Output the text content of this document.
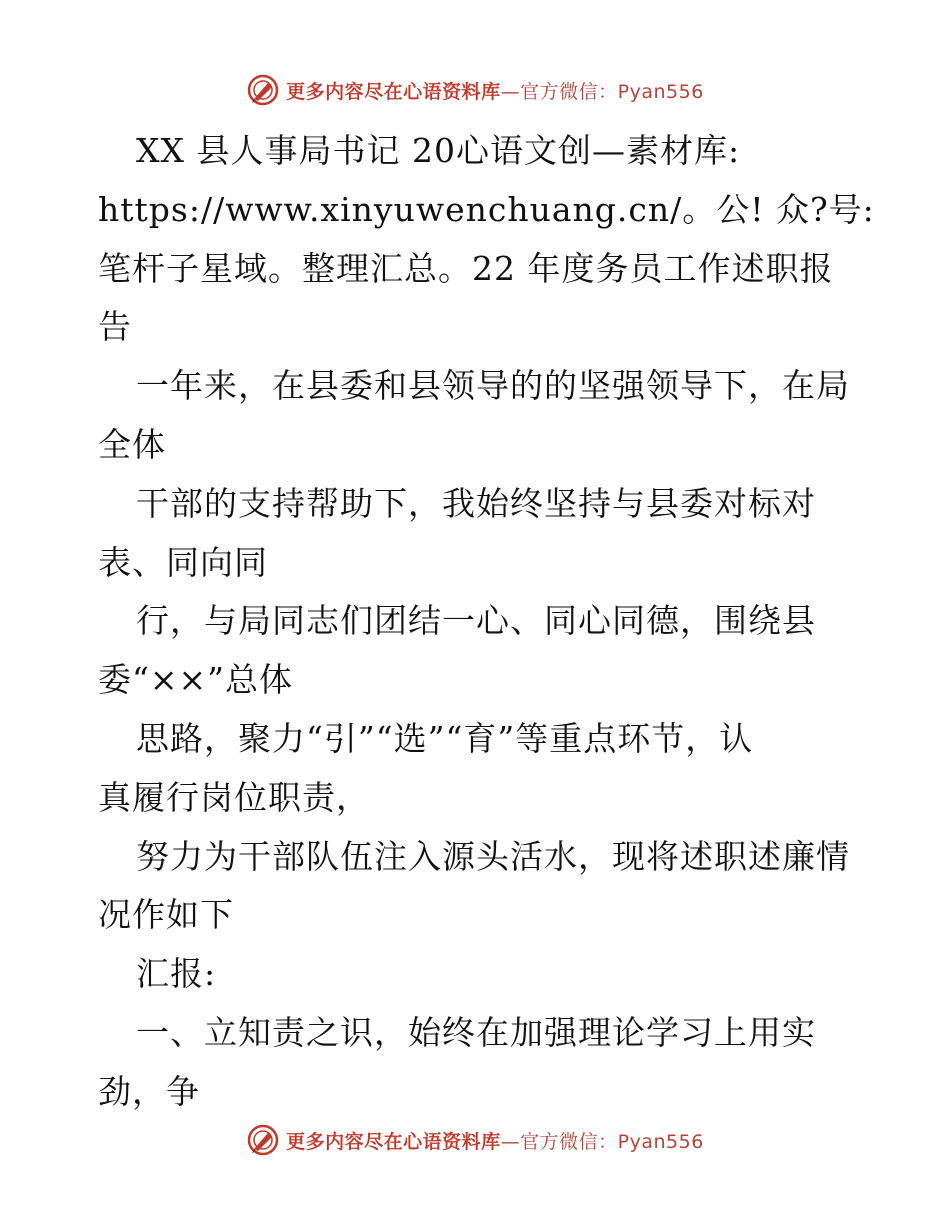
更多内容尽在心语资料库—官方微信：Pyan556
XX 县人事局书记 20心语文创—素材库:
https://www.xinyuwenchuang.cn/。公! 众?号:
笔杆子星域。整理汇总。22 年度务员工作述职报
告
一年来，在县委和县领导的的坚强领导下，在局
全体
干部的支持帮助下，我始终坚持与县委对标对
表、同向同
行，与局同志们团结一心、同心同德，围绕县
委“××”总体
思路，聚力“引”“选”“育”等重点环节，认
真履行岗位职责，
努力为干部队伍注入源头活水，现将述职述廉情
况作如下
汇报:
一、立知责之识，始终在加强理论学习上用实
劲，争
更多内容尽在心语资料库—官方微信：Pyan556
